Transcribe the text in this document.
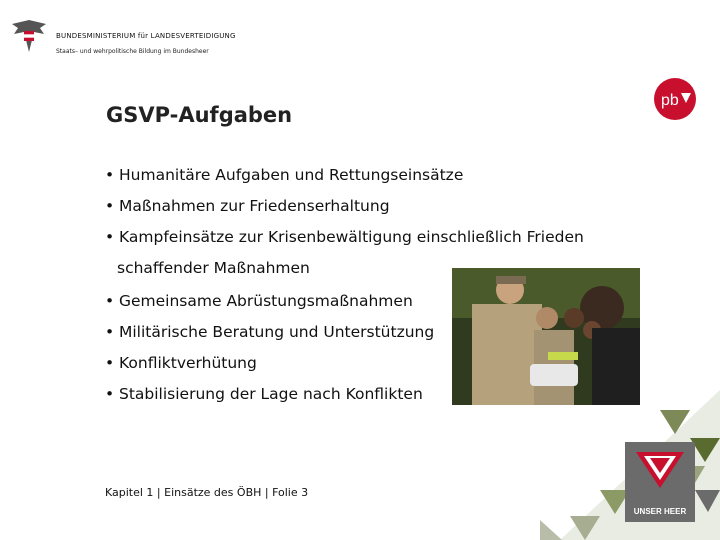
BUNDESMINISTERIUM für LANDESVERTEIDIGUNG
Staats– und wehrpolitische Bildung im Bundesheer
pb
GSVP-Aufgaben
• Humanitäre Aufgaben und Rettungseinsätze
• Maßnahmen zur Friedenserhaltung
• Kampfeinsätze zur Krisenbewältigung einschließlich Frieden
schaffender Maßnahmen
• Gemeinsame Abrüstungsmaßnahmen
• Militärische Beratung und Unterstützung
• Konfliktverhütung
• Stabilisierung der Lage nach Konflikten
Kapitel 1 | Einsätze des ÖBH | Folie 3
UNSER HEER
